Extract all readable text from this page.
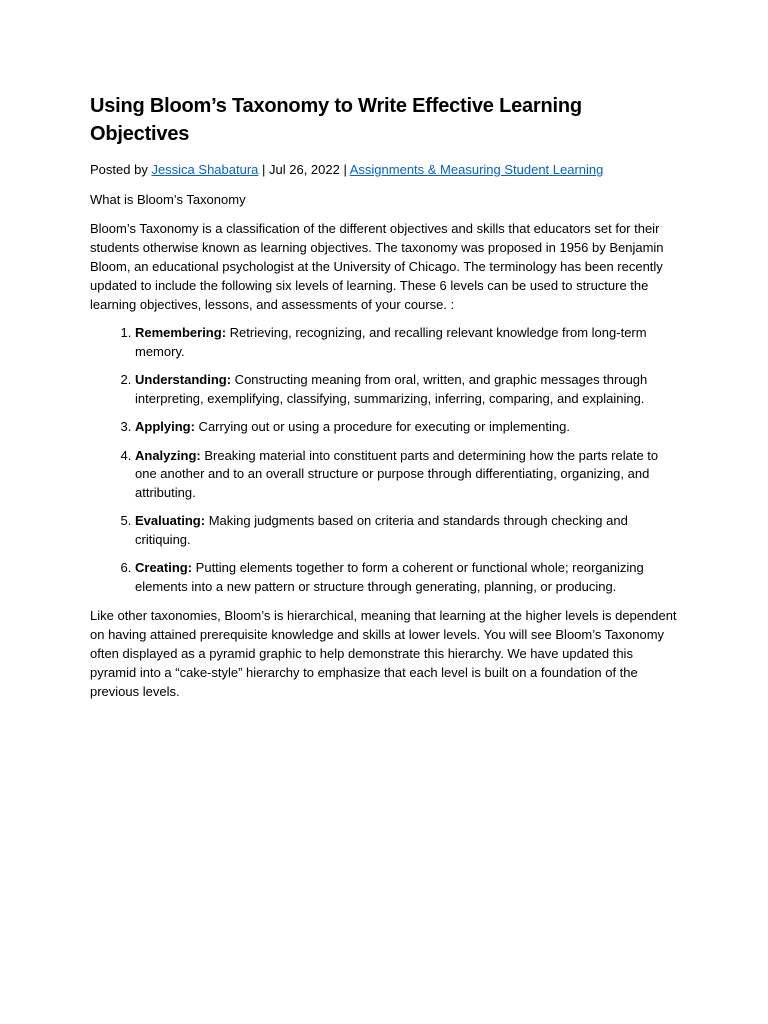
Using Bloom’s Taxonomy to Write Effective Learning Objectives
Posted by Jessica Shabatura | Jul 26, 2022 | Assignments & Measuring Student Learning

What is Bloom’s Taxonomy

Bloom’s Taxonomy is a classification of the different objectives and skills that educators set for their students otherwise known as learning objectives. The taxonomy was proposed in 1956 by Benjamin Bloom, an educational psychologist at the University of Chicago. The terminology has been recently updated to include the following six levels of learning. These 6 levels can be used to structure the learning objectives, lessons, and assessments of your course. :

1. Remembering: Retrieving, recognizing, and recalling relevant knowledge from long-term memory.
2. Understanding: Constructing meaning from oral, written, and graphic messages through interpreting, exemplifying, classifying, summarizing, inferring, comparing, and explaining.
3. Applying: Carrying out or using a procedure for executing or implementing.
4. Analyzing: Breaking material into constituent parts and determining how the parts relate to one another and to an overall structure or purpose through differentiating, organizing, and attributing.
5. Evaluating: Making judgments based on criteria and standards through checking and critiquing.
6. Creating: Putting elements together to form a coherent or functional whole; reorganizing elements into a new pattern or structure through generating, planning, or producing.

Like other taxonomies, Bloom’s is hierarchical, meaning that learning at the higher levels is dependent on having attained prerequisite knowledge and skills at lower levels. You will see Bloom’s Taxonomy often displayed as a pyramid graphic to help demonstrate this hierarchy. We have updated this pyramid into a “cake-style” hierarchy to emphasize that each level is built on a foundation of the previous levels.
